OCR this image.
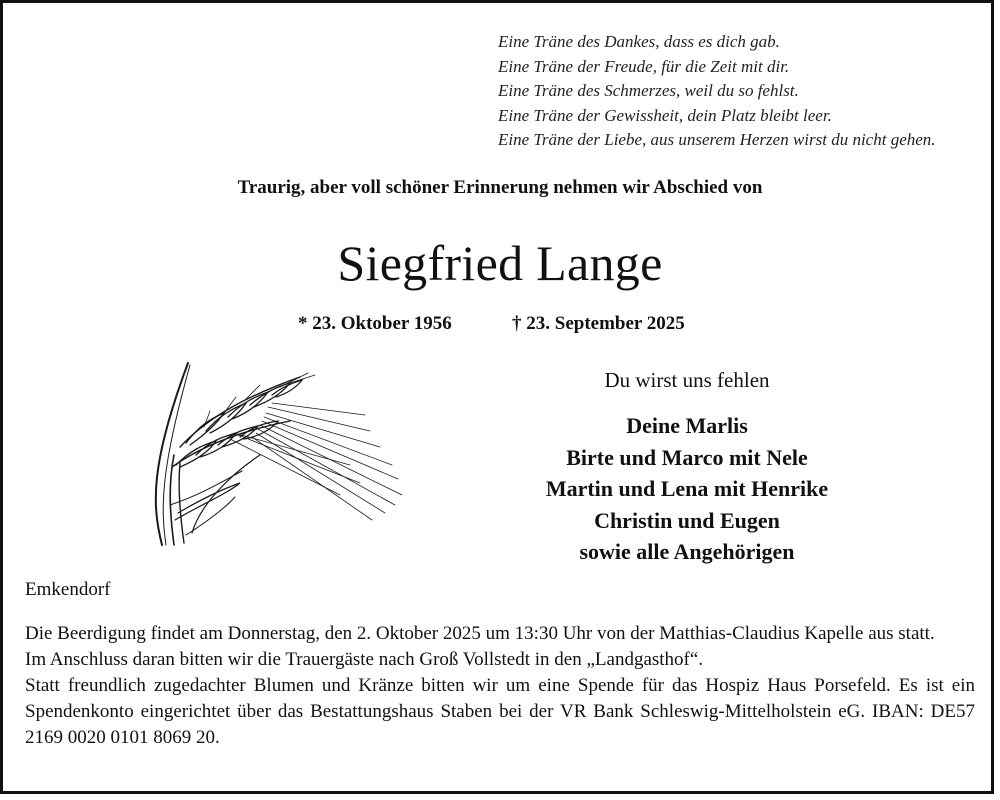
Eine Träne des Dankes, dass es dich gab.
Eine Träne der Freude, für die Zeit mit dir.
Eine Träne des Schmerzes, weil du so fehlst.
Eine Träne der Gewissheit, dein Platz bleibt leer.
Eine Träne der Liebe, aus unserem Herzen wirst du nicht gehen.
Traurig, aber voll schöner Erinnerung nehmen wir Abschied von
Siegfried Lange
* 23. Oktober 1956	† 23. September 2025
Du wirst uns fehlen
Deine Marlis
Birte und Marco mit Nele
Martin und Lena mit Henrike
Christin und Eugen
sowie alle Angehörigen
Emkendorf

Die Beerdigung findet am Donnerstag, den 2. Oktober 2025 um 13:30 Uhr von der Matthias-Claudius Kapelle aus statt.

Im Anschluss daran bitten wir die Trauergäste nach Groß Vollstedt in den „Landgasthof“.

Statt freundlich zugedachter Blumen und Kränze bitten wir um eine Spende für das Hospiz Haus Porsefeld. Es ist ein Spendenkonto eingerichtet über das Bestattungshaus Staben bei der VR Bank Schleswig-Mittelholstein eG. IBAN: DE57 2169 0020 0101 8069 20.
